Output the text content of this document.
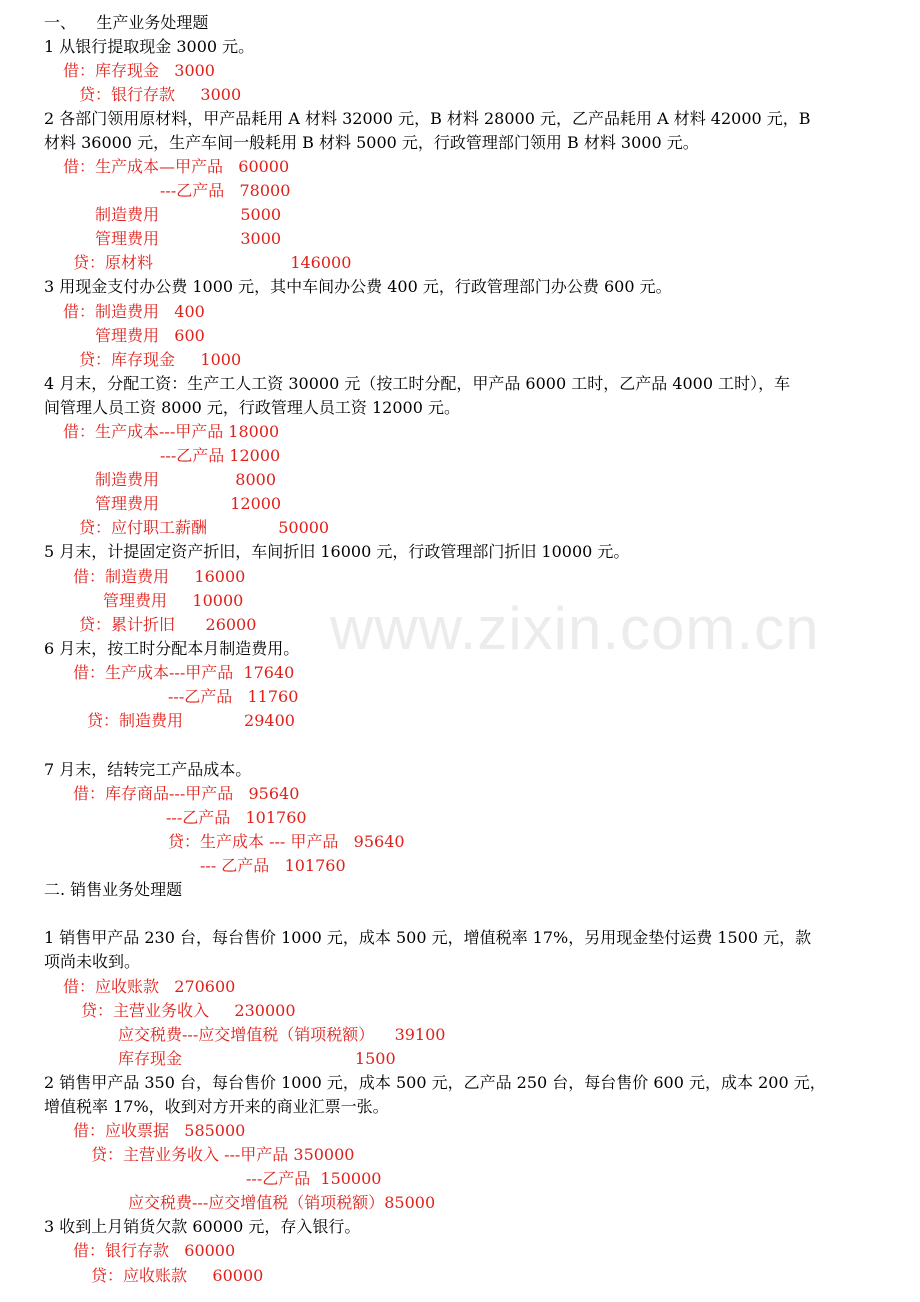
www.zixin.com.cn
一、    生产业务处理题
1 从银行提取现金 3000 元。
借：库存现金   3000
贷：银行存款     3000
2 各部门领用原材料，甲产品耗用 A 材料 32000 元，B 材料 28000 元，乙产品耗用 A 材料 42000 元，B
材料 36000 元，生产车间一般耗用 B 材料 5000 元，行政管理部门领用 B 材料 3000 元。
借：生产成本—甲产品   60000
---乙产品   78000
制造费用                5000
管理费用                3000
贷：原材料                           146000
3 用现金支付办公费 1000 元，其中车间办公费 400 元，行政管理部门办公费 600 元。
借：制造费用   400
管理费用   600
贷：库存现金     1000
4 月末，分配工资：生产工人工资 30000 元（按工时分配，甲产品 6000 工时，乙产品 4000 工时），车
间管理人员工资 8000 元，行政管理人员工资 12000 元。
借：生产成本---甲产品 18000
---乙产品 12000
制造费用               8000
管理费用              12000
贷：应付职工薪酬              50000
5 月末，计提固定资产折旧，车间折旧 16000 元，行政管理部门折旧 10000 元。
借：制造费用     16000
管理费用     10000
贷：累计折旧      26000
6 月末，按工时分配本月制造费用。
借：生产成本---甲产品  17640
---乙产品   11760
贷：制造费用            29400
7 月末，结转完工产品成本。
借：库存商品---甲产品   95640
---乙产品   101760
贷：生产成本 --- 甲产品   95640
--- 乙产品   101760
二. 销售业务处理题
1 销售甲产品 230 台，每台售价 1000 元，成本 500 元，增值税率 17%，另用现金垫付运费 1500 元，款
项尚未收到。
借：应收账款   270600
贷：主营业务收入     230000
应交税费---应交增值税（销项税额）    39100
库存现金                                  1500
2 销售甲产品 350 台，每台售价 1000 元，成本 500 元，乙产品 250 台，每台售价 600 元，成本 200 元，
增值税率 17%，收到对方开来的商业汇票一张。
借：应收票据   585000
贷：主营业务收入 ---甲产品 350000
---乙产品  150000
应交税费---应交增值税（销项税额）85000
3 收到上月销货欠款 60000 元，存入银行。
借：银行存款   60000
贷：应收账款     60000
